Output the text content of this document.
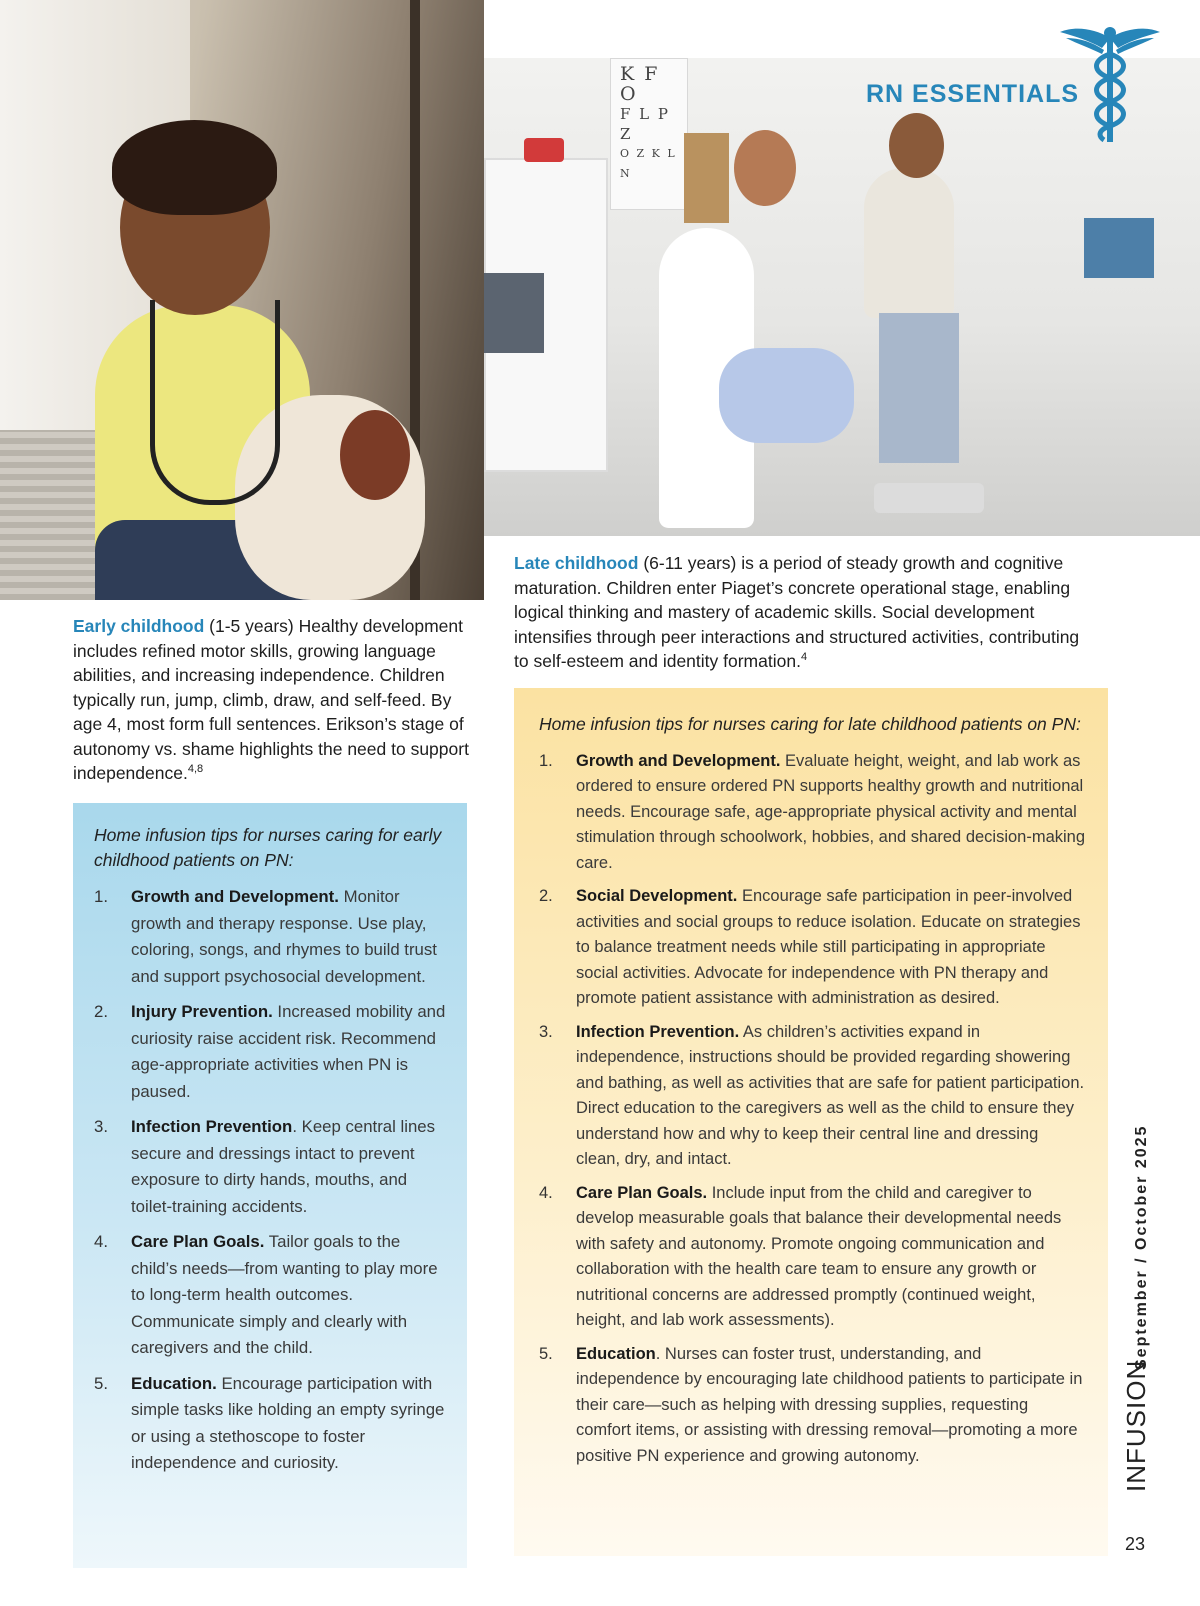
K F O
F L P Z
O Z K L N
RN ESSENTIALS
Early childhood (1-5 years) Healthy development includes refined motor skills, growing language abilities, and increasing independence. Children typically run, jump, climb, draw, and self-feed. By age 4, most form full sentences. Erikson’s stage of autonomy vs. shame highlights the need to support independence.$^{4,8}$
Late childhood (6-11 years) is a period of steady growth and cognitive maturation. Children enter Piaget’s concrete operational stage, enabling logical thinking and mastery of academic skills. Social development intensifies through peer interactions and structured activities, contributing to self-esteem and identity formation.$^4$
Home infusion tips for nurses caring for early childhood patients on PN:
1. Growth and Development. Monitor growth and therapy response. Use play, coloring, songs, and rhymes to build trust and support psychosocial development.
2. Injury Prevention. Increased mobility and curiosity raise accident risk. Recommend age-appropriate activities when PN is paused.
3. Infection Prevention. Keep central lines secure and dressings intact to prevent exposure to dirty hands, mouths, and toilet-training accidents.
4. Care Plan Goals. Tailor goals to the child’s needs—from wanting to play more to long-term health outcomes. Communicate simply and clearly with caregivers and the child.
5. Education. Encourage participation with simple tasks like holding an empty syringe or using a stethoscope to foster independence and curiosity.
Home infusion tips for nurses caring for late childhood patients on PN:
1. Growth and Development. Evaluate height, weight, and lab work as ordered to ensure ordered PN supports healthy growth and nutritional needs. Encourage safe, age-appropriate physical activity and mental stimulation through schoolwork, hobbies, and shared decision-making care.
2. Social Development. Encourage safe participation in peer-involved activities and social groups to reduce isolation. Educate on strategies to balance treatment needs while still participating in appropriate social activities. Advocate for independence with PN therapy and promote patient assistance with administration as desired.
3. Infection Prevention. As children’s activities expand in independence, instructions should be provided regarding showering and bathing, as well as activities that are safe for patient participation. Direct education to the caregivers as well as the child to ensure they understand how and why to keep their central line and dressing clean, dry, and intact.
4. Care Plan Goals. Include input from the child and caregiver to develop measurable goals that balance their developmental needs with safety and autonomy. Promote ongoing communication and collaboration with the health care team to ensure any growth or nutritional concerns are addressed promptly (continued weight, height, and lab work assessments).
5. Education. Nurses can foster trust, understanding, and independence by encouraging late childhood patients to participate in their care—such as helping with dressing supplies, requesting comfort items, or assisting with dressing removal—promoting a more positive PN experience and growing autonomy.
September / October 2025
INFUSION
23
